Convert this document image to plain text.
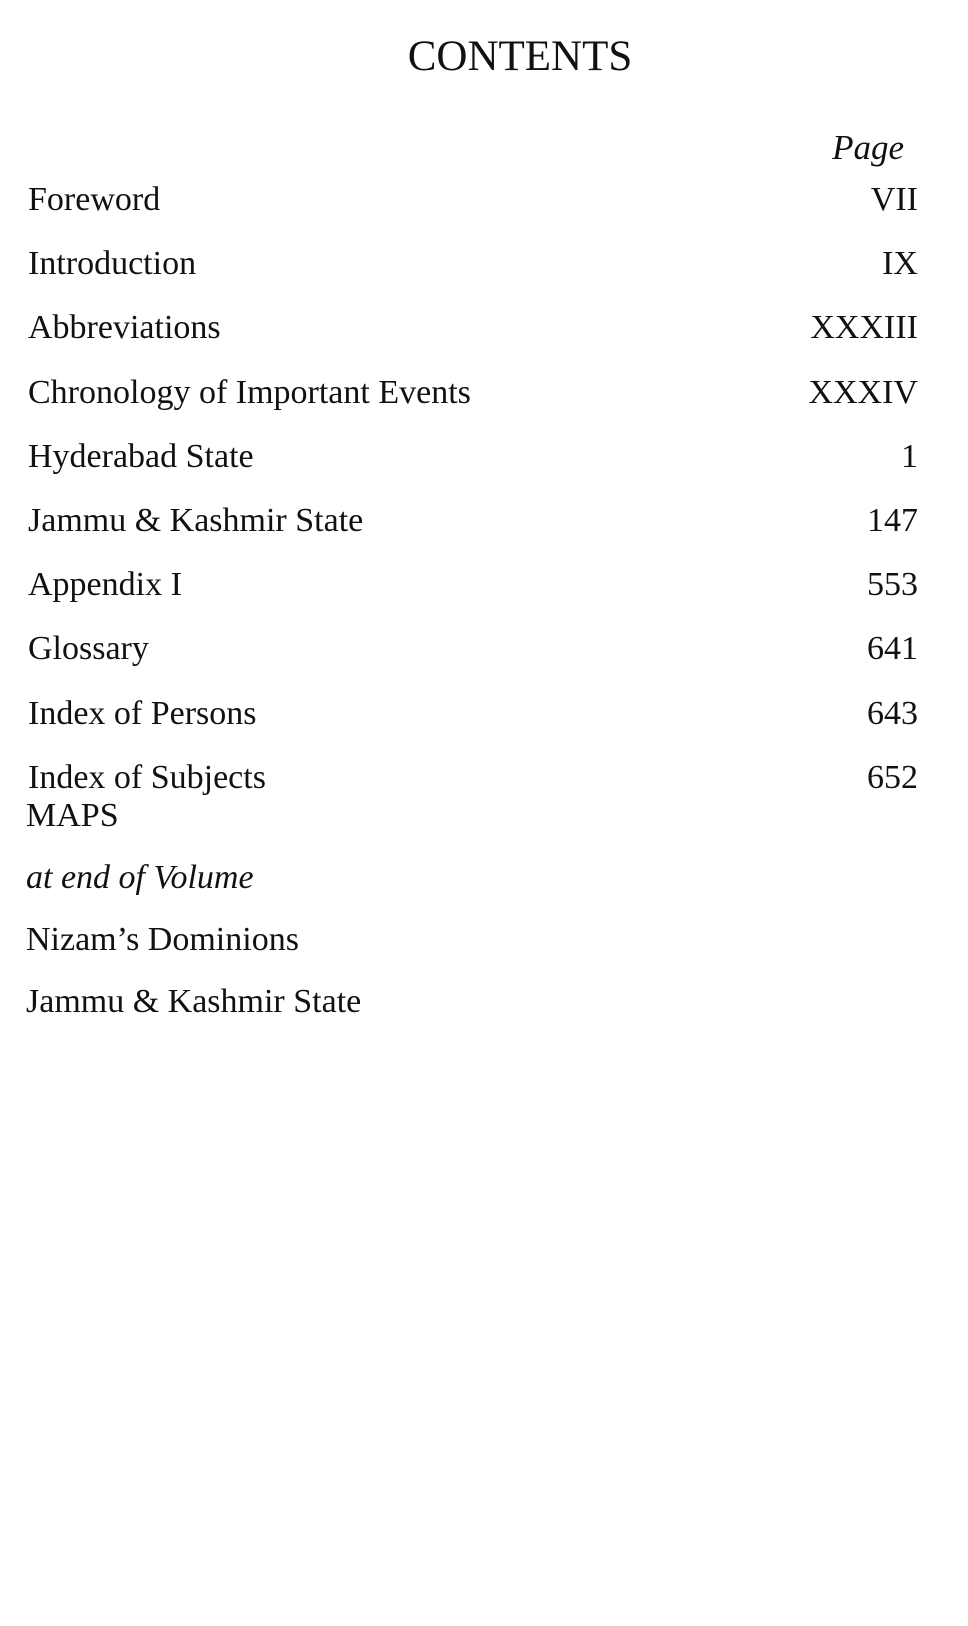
CONTENTS
Page
Foreword	VII
Introduction	IX
Abbreviations	XXXIII
Chronology of Important Events	XXXIV
Hyderabad State	1
Jammu & Kashmir State	147
Appendix I	553
Glossary	641
Index of Persons	643
Index of Subjects	652
MAPS
at end of Volume
Nizam’s Dominions
Jammu & Kashmir State
